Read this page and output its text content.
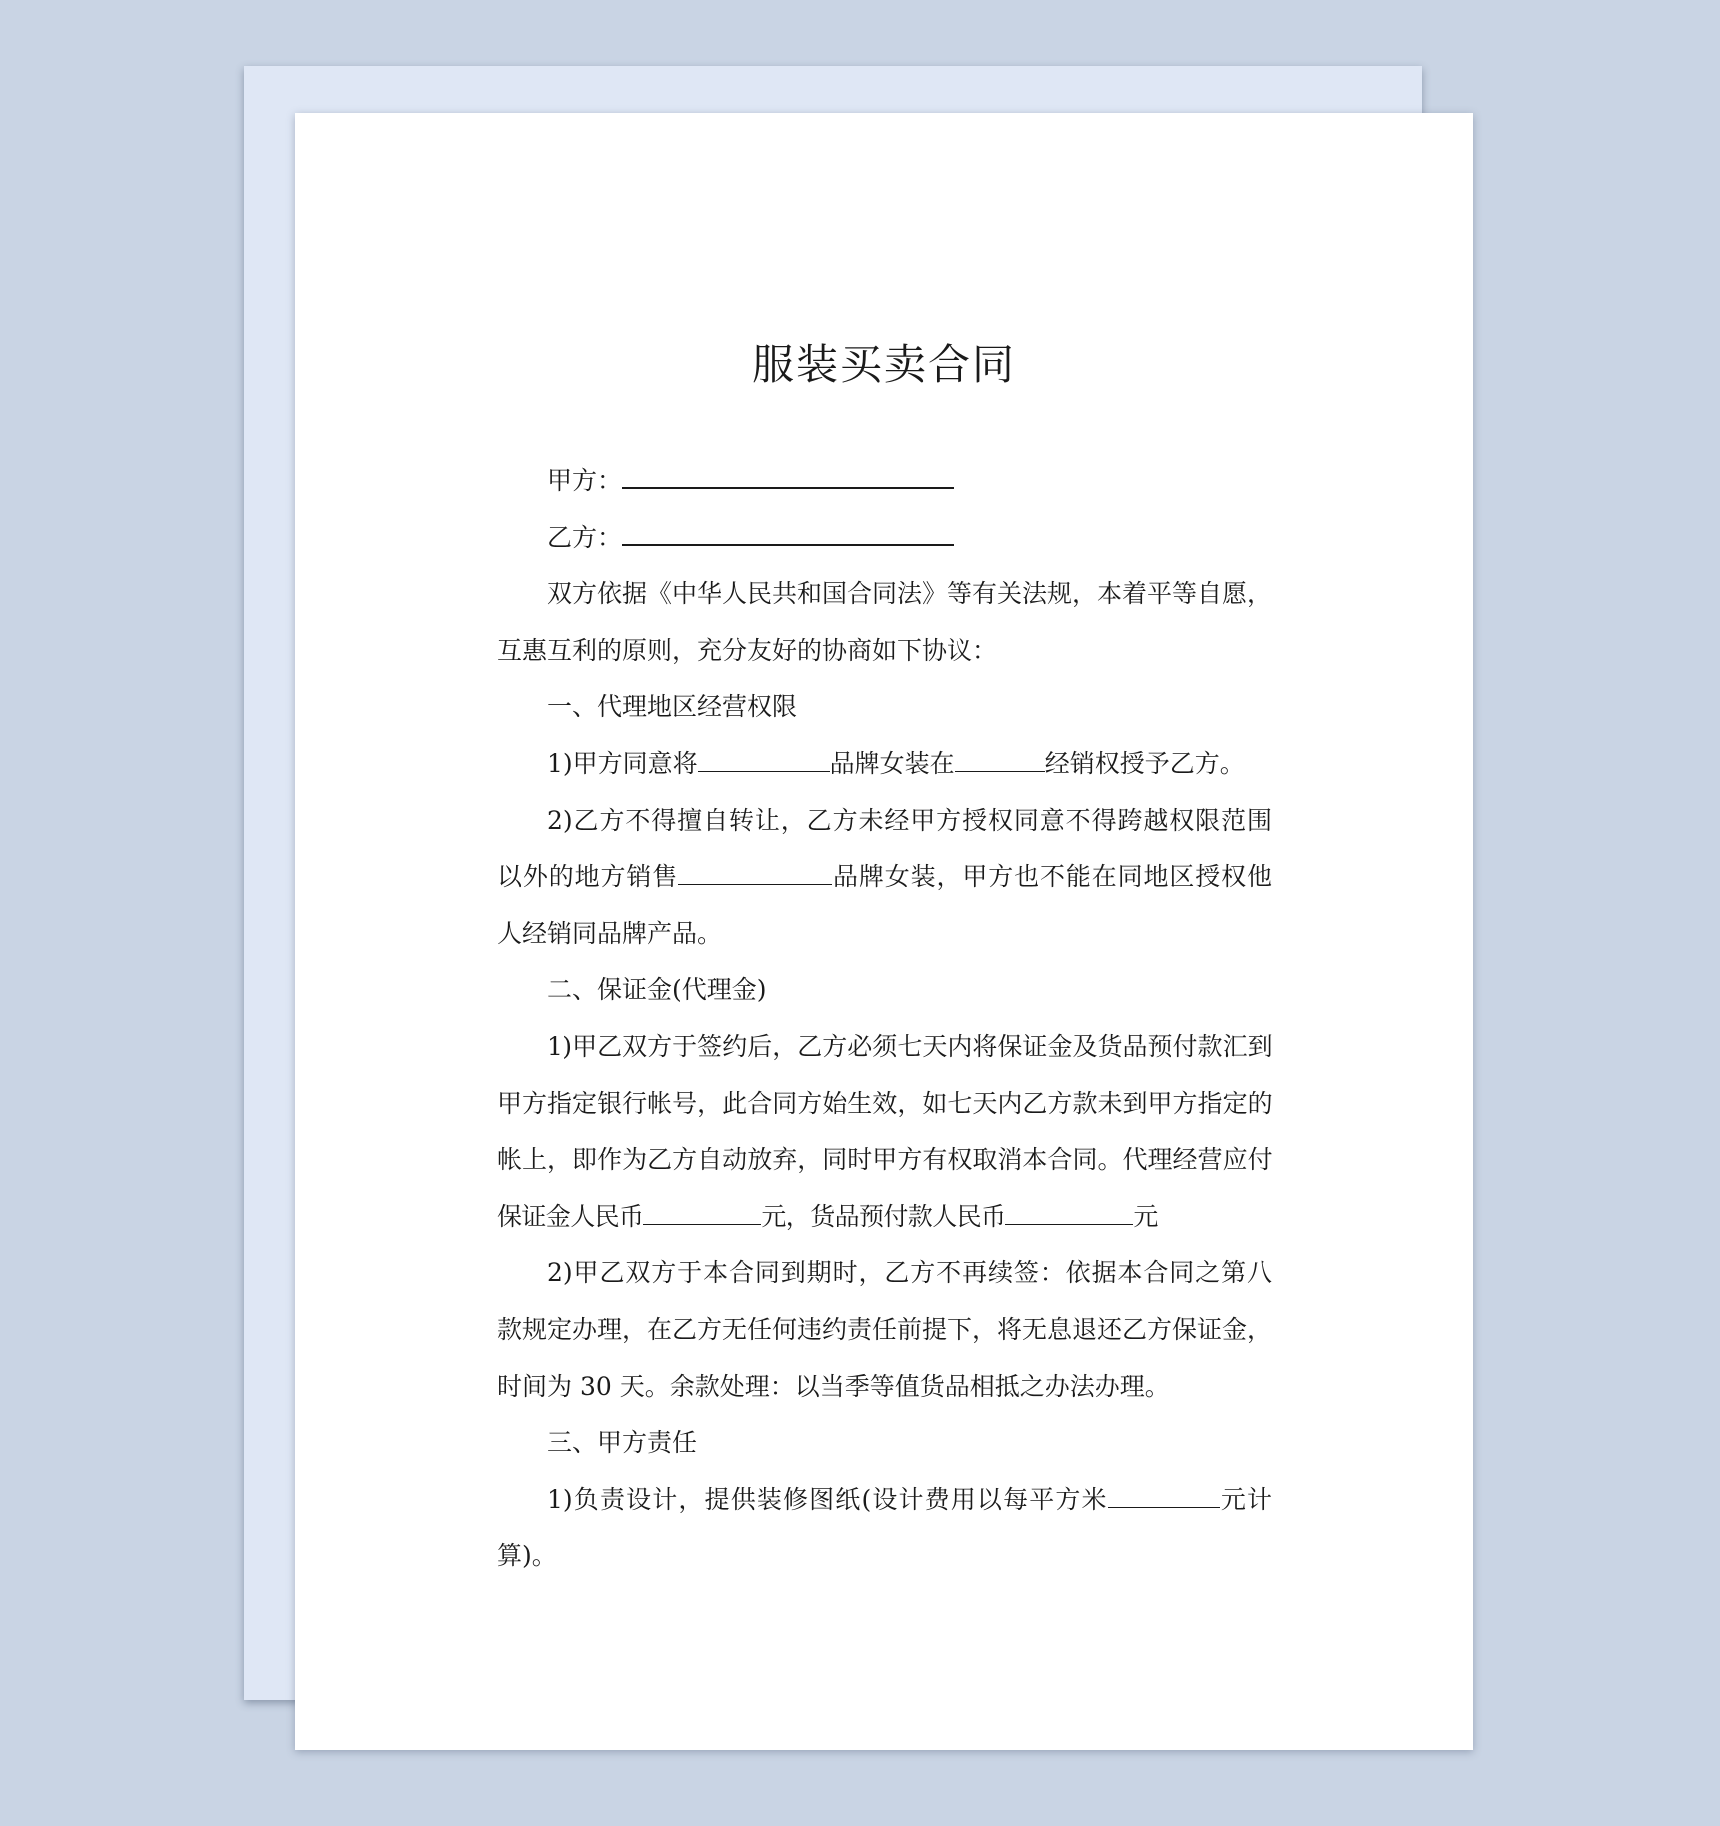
服装买卖合同

甲方：

乙方：

双方依据《中华人民共和国合同法》等有关法规，本着平等自愿，互惠互利的原则，充分友好的协商如下协议：

一、代理地区经营权限

1)甲方同意将	品牌女装在	经销权授予乙方。

2)乙方不得擅自转让，乙方未经甲方授权同意不得跨越权限范围以外的地方销售	品牌女装，甲方也不能在同地区授权他人经销同品牌产品。

二、保证金(代理金)

1)甲乙双方于签约后，乙方必须七天内将保证金及货品预付款汇到甲方指定银行帐号，此合同方始生效，如七天内乙方款未到甲方指定的帐上，即作为乙方自动放弃，同时甲方有权取消本合同。代理经营应付保证金人民币	元，货品预付款人民币	元

2)甲乙双方于本合同到期时，乙方不再续签：依据本合同之第八款规定办理，在乙方无任何违约责任前提下，将无息退还乙方保证金，时间为 30 天。余款处理：以当季等值货品相抵之办法办理。

三、甲方责任

1)负责设计，提供装修图纸(设计费用以每平方米	元计算)。
